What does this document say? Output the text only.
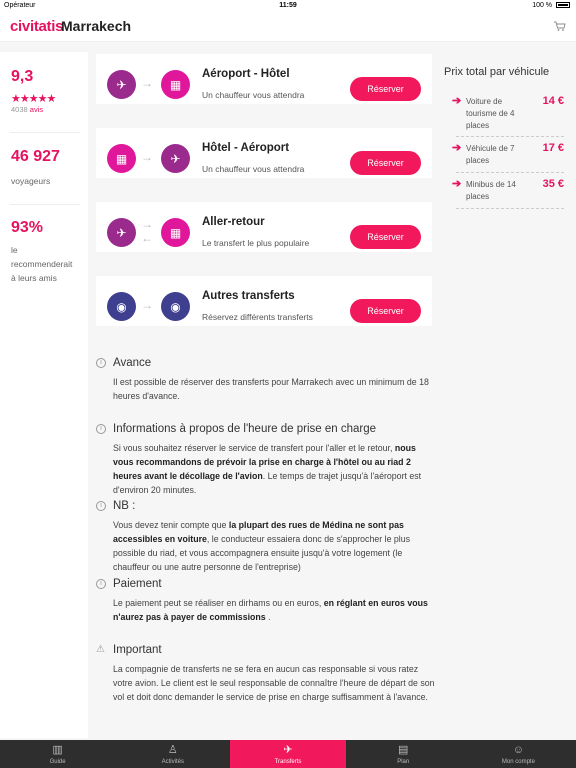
Opérateur	11:59	100 %
civitatis
Marrakech
9,3
★★★★★
4038 avis
46 927
voyageurs
93%
le
recommenderait
à leurs amis
✈	→	▦
Aéroport - Hôtel
Un chauffeur vous attendra
Réserver
▦	→	✈
Hôtel - Aéroport
Un chauffeur vous attendra
Réserver
✈
→
←	▦
Aller-retour
Le transfert le plus populaire
Réserver
◉	→	◉
Autres transferts
Réservez différents transferts
Réserver
Prix total par véhicule
➔ Voiture de
tourisme de 4
places
14 €
➔ Véhicule de 7
places
17 €
➔ Minibus de 14
places
35 €
i Avance
Il est possible de réserver des transferts pour Marrakech avec un minimum de 18 heures d'avance.
i Informations à propos de l'heure de prise en charge
Si vous souhaitez réserver le service de transfert pour l'aller et le retour, nous vous recommandons de prévoir la prise en charge à l'hôtel ou au riad 2 heures avant le décollage de l'avion. Le temps de trajet jusqu'à l'aéroport est d'environ 20 minutes.
i NB :
Vous devez tenir compte que la plupart des rues de Médina ne sont pas accessibles en voiture, le conducteur essaiera donc de s'approcher le plus possible du riad, et vous accompagnera ensuite jusqu'à votre logement (le chauffeur ou une autre personne de l'entreprise)
i Paiement
Le paiement peut se réaliser en dirhams ou en euros, en réglant en euros vous n'aurez pas à payer de commissions .
⚠ Important
La compagnie de transferts ne se fera en aucun cas responsable si vous ratez votre avion. Le client est le seul responsable de connaître l'heure de départ de son vol et doit donc demander le service de prise en charge suffisamment à l'avance.
▥
Guide
♙
Activités
✈
Transferts
▤
Plan
☺
Mon compte
